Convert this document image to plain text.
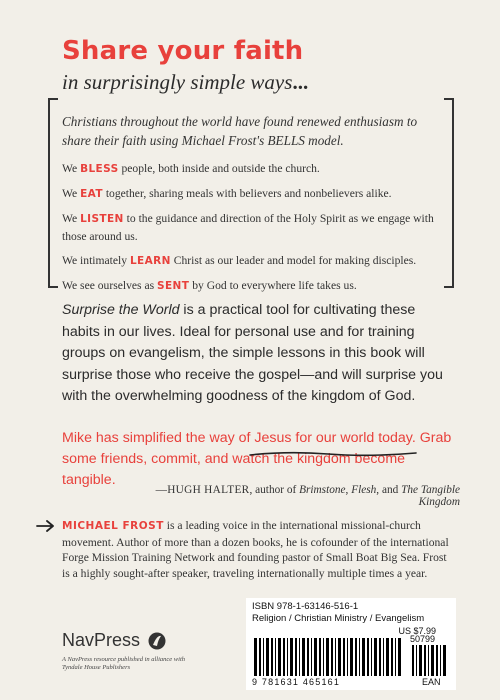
Share your faith
in surprisingly simple ways...
Christians throughout the world have found renewed enthusiasm to share their faith using Michael Frost's BELLS model.
We BLESS people, both inside and outside the church.
We EAT together, sharing meals with believers and nonbelievers alike.
We LISTEN to the guidance and direction of the Holy Spirit as we engage with those around us.
We intimately LEARN Christ as our leader and model for making disciples.
We see ourselves as SENT by God to everywhere life takes us.
Surprise the World is a practical tool for cultivating these habits in our lives. Ideal for personal use and for training groups on evangelism, the simple lessons in this book will surprise those who receive the gospel—and will surprise you with the overwhelming goodness of the kingdom of God.
Mike has simplified the way of Jesus for our world today. Grab some friends, commit, and watch the kingdom become tangible.
—HUGH HALTER, author of Brimstone, Flesh, and The Tangible Kingdom
MICHAEL FROST is a leading voice in the international missional-church movement. Author of more than a dozen books, he is cofounder of the international Forge Mission Training Network and founding pastor of Small Boat Big Sea. Frost is a highly sought-after speaker, traveling internationally multiple times a year.
NavPress
A NavPress resource published in alliance with Tyndale House Publishers
ISBN 978-1-63146-516-1
Religion / Christian Ministry / Evangelism
US $7.99
50799
9 781631 465161	EAN
